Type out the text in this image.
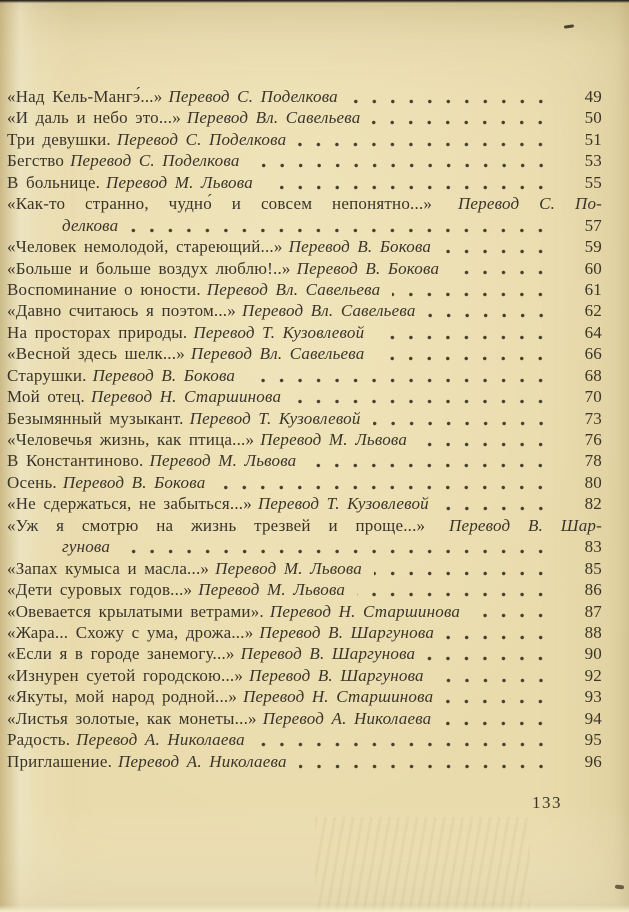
«Над Кель-Мангэ́...» Перевод С. Поделкова	49
«И даль и небо это...» Перевод Вл. Савельева	50
Три девушки. Перевод С. Поделкова	51
Бегство Перевод С. Поделкова	53
В больнице. Перевод М. Львова	55
«Как-то странно, чудно́ и совсем непонятно...» Перевод С. По-
делкова	57
«Человек немолодой, стареющий...» Перевод В. Бокова	59
«Больше и больше воздух люблю!..» Перевод В. Бокова	60
Воспоминание о юности. Перевод Вл. Савельева	61
«Давно считаюсь я поэтом...» Перевод Вл. Савельева	62
На просторах природы. Перевод Т. Кузовлевой	64
«Весной здесь шелк...» Перевод Вл. Савельева	66
Старушки. Перевод В. Бокова	68
Мой отец. Перевод Н. Старшинова	70
Безымянный музыкант. Перевод Т. Кузовлевой	73
«Человечья жизнь, как птица...» Перевод М. Львова	76
В Константиново. Перевод М. Львова	78
Осень. Перевод В. Бокова	80
«Не сдержаться, не забыться...» Перевод Т. Кузовлевой	82
«Уж я смотрю на жизнь трезвей и проще...» Перевод В. Шар-
гунова	83
«Запах кумыса и масла...» Перевод М. Львова	85
«Дети суровых годов...» Перевод М. Львова	86
«Овевается крылатыми ветрами». Перевод Н. Старшинова	87
«Жара... Схожу с ума, дрожа...» Перевод В. Шаргунова	88
«Если я в городе занемогу...» Перевод В. Шаргунова	90
«Изнурен суетой городскою...» Перевод В. Шаргунова	92
«Якуты, мой народ родной...» Перевод Н. Старшинова	93
«Листья золотые, как монеты...» Перевод А. Николаева	94
Радость. Перевод А. Николаева	95
Приглашение. Перевод А. Николаева	96
133
